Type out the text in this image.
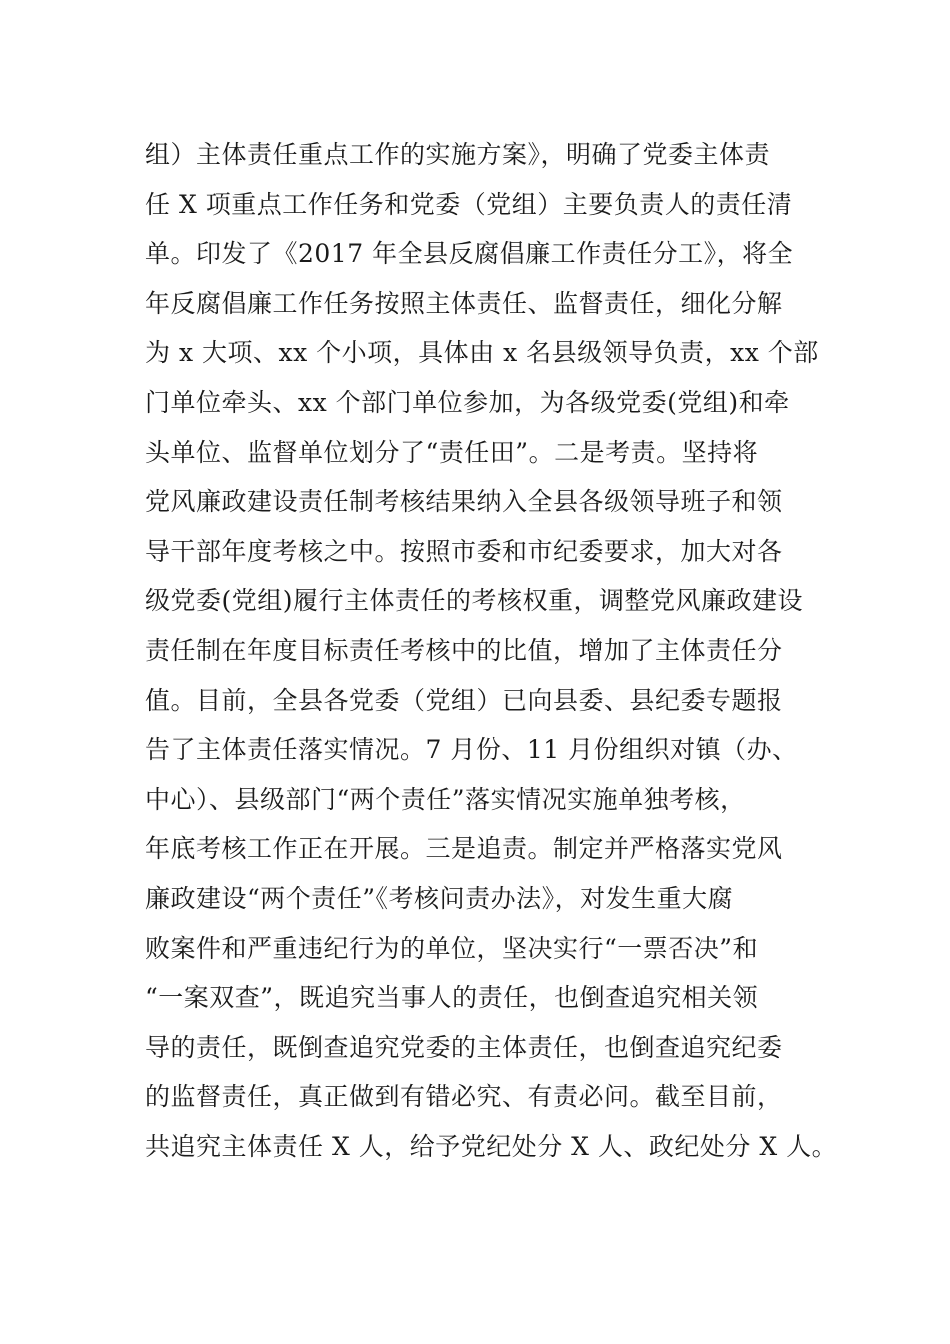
组）主体责任重点工作的实施方案》，明确了党委主体责
任 X 项重点工作任务和党委（党组）主要负责人的责任清
单。印发了《2017 年全县反腐倡廉工作责任分工》，将全
年反腐倡廉工作任务按照主体责任、监督责任，细化分解
为 x 大项、xx 个小项，具体由 x 名县级领导负责，xx 个部
门单位牵头、xx 个部门单位参加，为各级党委(党组)和牵
头单位、监督单位划分了“责任田”。二是考责。坚持将
党风廉政建设责任制考核结果纳入全县各级领导班子和领
导干部年度考核之中。按照市委和市纪委要求，加大对各
级党委(党组)履行主体责任的考核权重，调整党风廉政建设
责任制在年度目标责任考核中的比值，增加了主体责任分
值。目前，全县各党委（党组）已向县委、县纪委专题报
告了主体责任落实情况。7 月份、11 月份组织对镇（办、
中心）、县级部门“两个责任”落实情况实施单独考核，
年底考核工作正在开展。三是追责。制定并严格落实党风
廉政建设“两个责任”《考核问责办法》，对发生重大腐
败案件和严重违纪行为的单位，坚决实行“一票否决”和
“一案双查”，既追究当事人的责任，也倒查追究相关领
导的责任，既倒查追究党委的主体责任，也倒查追究纪委
的监督责任，真正做到有错必究、有责必问。截至目前，
共追究主体责任 X 人，给予党纪处分 X 人、政纪处分 X 人。
